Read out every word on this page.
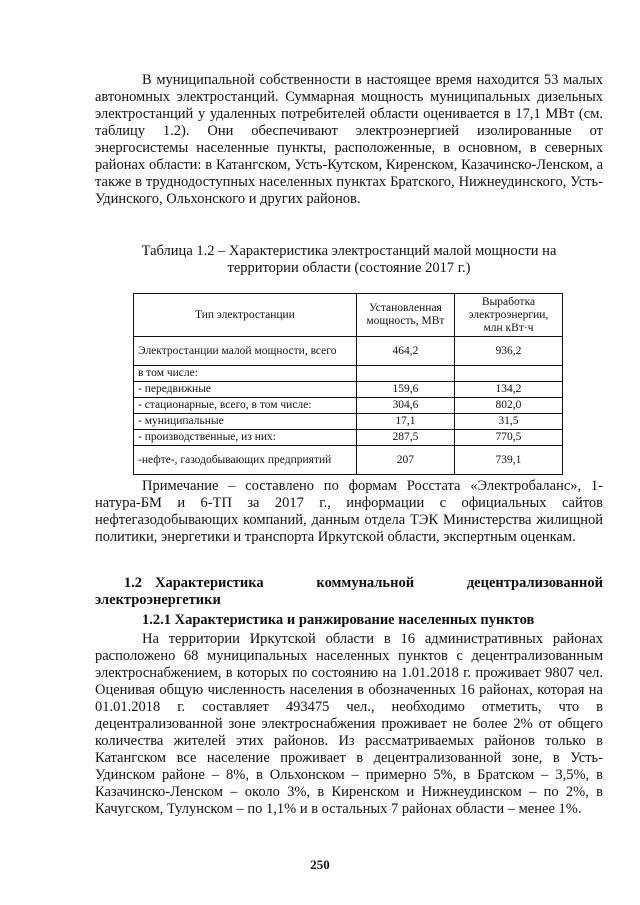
В муниципальной собственности в настоящее время находится 53 малых автономных электростанций. Суммарная мощность муниципальных дизельных электростанций у удаленных потребителей области оценивается в 17,1 МВт (см. таблицу 1.2). Они обеспечивают электроэнергией изолированные от энергосистемы населенные пункты, расположенные, в основном, в северных районах области: в Катангском, Усть-Кутском, Киренском, Казачинско-Ленском, а также в труднодоступных населенных пунктах Братского, Нижнеудинского, Усть-Удинского, Ольхонского и других районов.

Таблица 1.2 – Характеристика электростанций малой мощности на территории области (состояние 2017 г.)

Тип электростанции	Установленная мощность, МВт	Выработка электроэнергии, млн кВт·ч
Электростанции малой мощности, всего	464,2	936,2
в том числе:		
- передвижные	159,6	134,2
- стационарные, всего, в том числе:	304,6	802,0
- муниципальные	17,1	31,5
- производственные, из них:	287,5	770,5
-нефте-, газодобывающих предприятий	207	739,1

Примечание – составлено по формам Росстата «Электробаланс», 1-натура-БМ и 6-ТП за 2017 г., информации с официальных сайтов нефтегазодобывающих компаний, данным отдела ТЭК Министерства жилищной политики, энергетики и транспорта Иркутской области, экспертным оценкам.

1.2 Характеристика	коммунальной	децентрализованной
электроэнергетики

1.2.1 Характеристика и ранжирование населенных пунктов

На территории Иркутской области в 16 административных районах расположено 68 муниципальных населенных пунктов с децентрализованным электроснабжением, в которых по состоянию на 1.01.2018 г. проживает 9807 чел. Оценивая общую численность населения в обозначенных 16 районах, которая на 01.01.2018 г. составляет 493475 чел., необходимо отметить, что в децентрализованной зоне электроснабжения проживает не более 2% от общего количества жителей этих районов. Из рассматриваемых районов только в Катангском все население проживает в децентрализованной зоне, в Усть-Удинском районе – 8%, в Ольхонском – примерно 5%, в Братском – 3,5%, в Казачинско-Ленском – около 3%, в Киренском и Нижнеудинском – по 2%, в Качугском, Тулунском – по 1,1% и в остальных 7 районах области – менее 1%.

250
